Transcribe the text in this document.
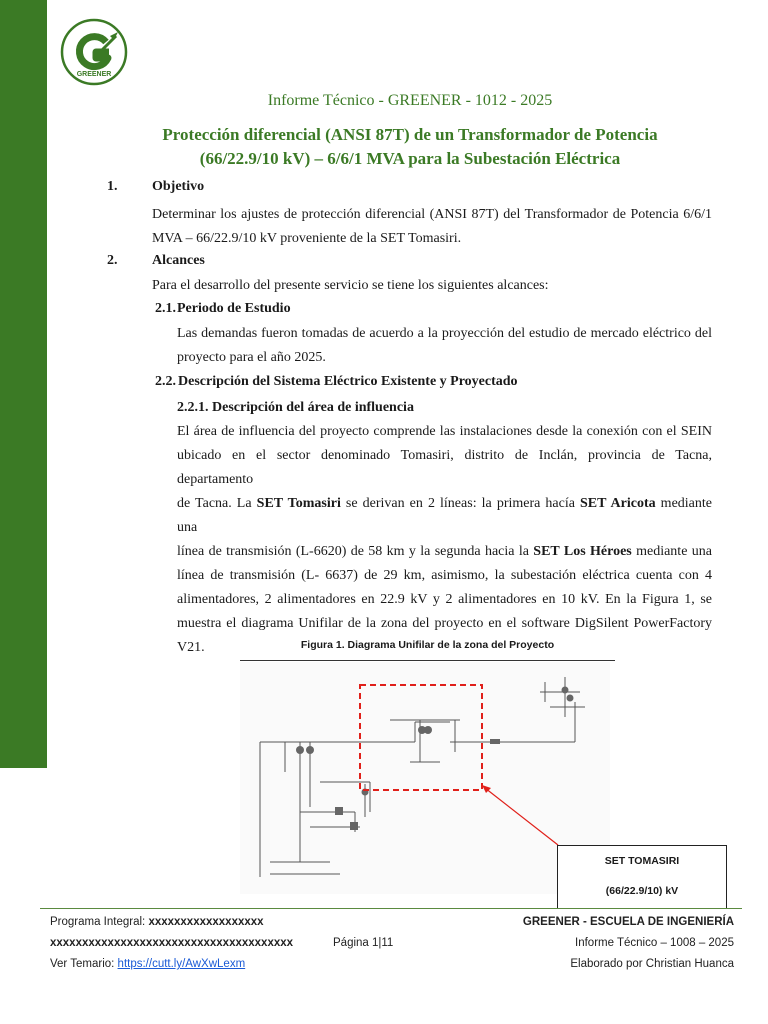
GREENER
Informe Técnico - GREENER - 1012 - 2025
Protección diferencial (ANSI 87T) de un Transformador de Potencia
(66/22.9/10 kV) – 6/6/1 MVA para la Subestación Eléctrica
1. Objetivo
Determinar los ajustes de protección diferencial (ANSI 87T) del Transformador de Potencia 6/6/1
MVA – 66/22.9/10 kV proveniente de la SET Tomasiri.
2. Alcances
Para el desarrollo del presente servicio se tiene los siguientes alcances:
2.1. Periodo de Estudio
Las demandas fueron tomadas de acuerdo a la proyección del estudio de mercado eléctrico del
proyecto para el año 2025.
2.2. Descripción del Sistema Eléctrico Existente y Proyectado
2.2.1. Descripción del área de influencia
El área de influencia del proyecto comprende las instalaciones desde la conexión con el SEIN
ubicado en el sector denominado Tomasiri, distrito de Inclán, provincia de Tacna, departamento
de Tacna. La SET Tomasiri se derivan en 2 líneas: la primera hacía SET Aricota mediante una
línea de transmisión (L-6620) de 58 km y la segunda hacia la SET Los Héroes mediante una
línea de transmisión (L- 6637) de 29 km, asimismo, la subestación eléctrica cuenta con 4
alimentadores, 2 alimentadores en 22.9 kV y 2 alimentadores en 10 kV. En la Figura 1, se
muestra el diagrama Unifilar de la zona del proyecto en el software DigSilent PowerFactory
V21.	Figura 1. Diagrama Unifilar de la zona del Proyecto
SET TOMASIRI
(66/22.9/10) kV
Programa Integral: xxxxxxxxxxxxxxxxxx
xxxxxxxxxxxxxxxxxxxxxxxxxxxxxxxxxxxxxx
Ver Temario: https://cutt.ly/AwXwLexm
Página 1|11
GREENER - ESCUELA DE INGENIERÍA
Informe Técnico – 1008 – 2025
Elaborado por Christian Huanca
